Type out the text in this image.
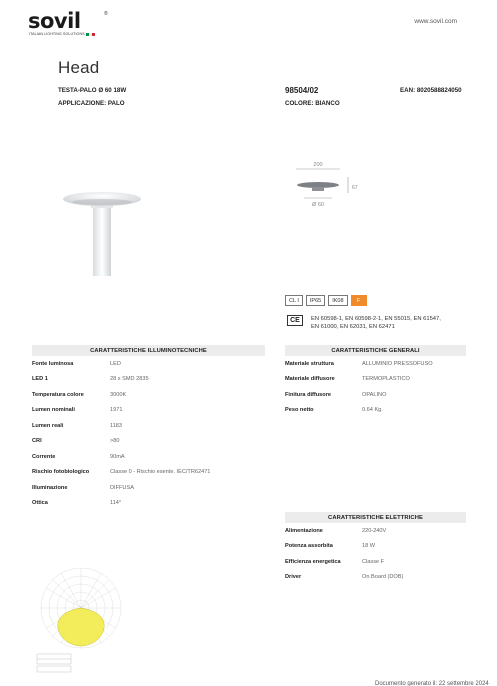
sovil	®
ITALIAN LIGHTING SOLUTIONS
www.sovil.com
Head
TESTA-PALO Ø 60 18W
APPLICAZIONE: PALO
98504/02
COLORE: BIANCO
EAN: 8020588824050
200
67
Ø 60
CL I	IP65	IK08	F
CE	EN 60598-1, EN 60598-2-1, EN 55015, EN 61547, EN 61000, EN 62031, EN 62471
CARATTERISTICHE ILLUMINOTECNICHE
Fonte luminosa	LED
LED 1	28 x SMD 2835
Temperatura colore	3000K
Lumen nominali	1971
Lumen reali	1183
CRI	>80
Corrente	90mA
Rischio fotobiologico	Classe 0 - Rischio esente. IEC/TR62471
Illuminazione	DIFFUSA
Ottica	114°
CARATTERISTICHE GENERALI
Materiale struttura	ALLUMINIO PRESSOFUSO
Materiale diffusore	TERMOPLASTICO
Finitura diffusore	OPALINO
Peso netto	0.64 Kg.
CARATTERISTICHE ELETTRICHE
Alimentazione	220-240V
Potenza assorbita	18 W
Efficienza energetica	Classe F
Driver	On Board (DOB)
Documento generato il: 22 settembre 2024
